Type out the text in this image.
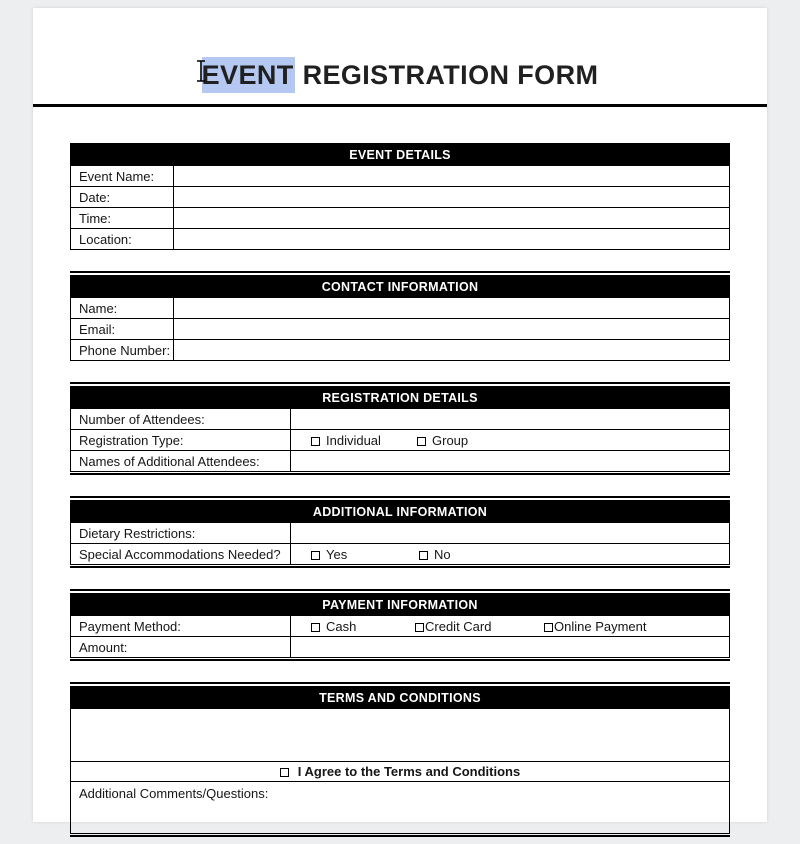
EVENT REGISTRATION FORM
EVENT DETAILS	
Event Name:	
Date:	
Time:	
Location:	
CONTACT INFORMATION	
Name:	
Email:	
Phone Number:	
REGISTRATION DETAILS	
Number of Attendees:	
Registration Type:	Individual Group
Names of Additional Attendees:	
ADDITIONAL INFORMATION	
Dietary Restrictions:	
Special Accommodations Needed?	Yes No
PAYMENT INFORMATION	
Payment Method:	Cash Credit Card Online Payment
Amount:	
TERMS AND CONDITIONS

I Agree to the Terms and Conditions
Additional Comments/Questions:
